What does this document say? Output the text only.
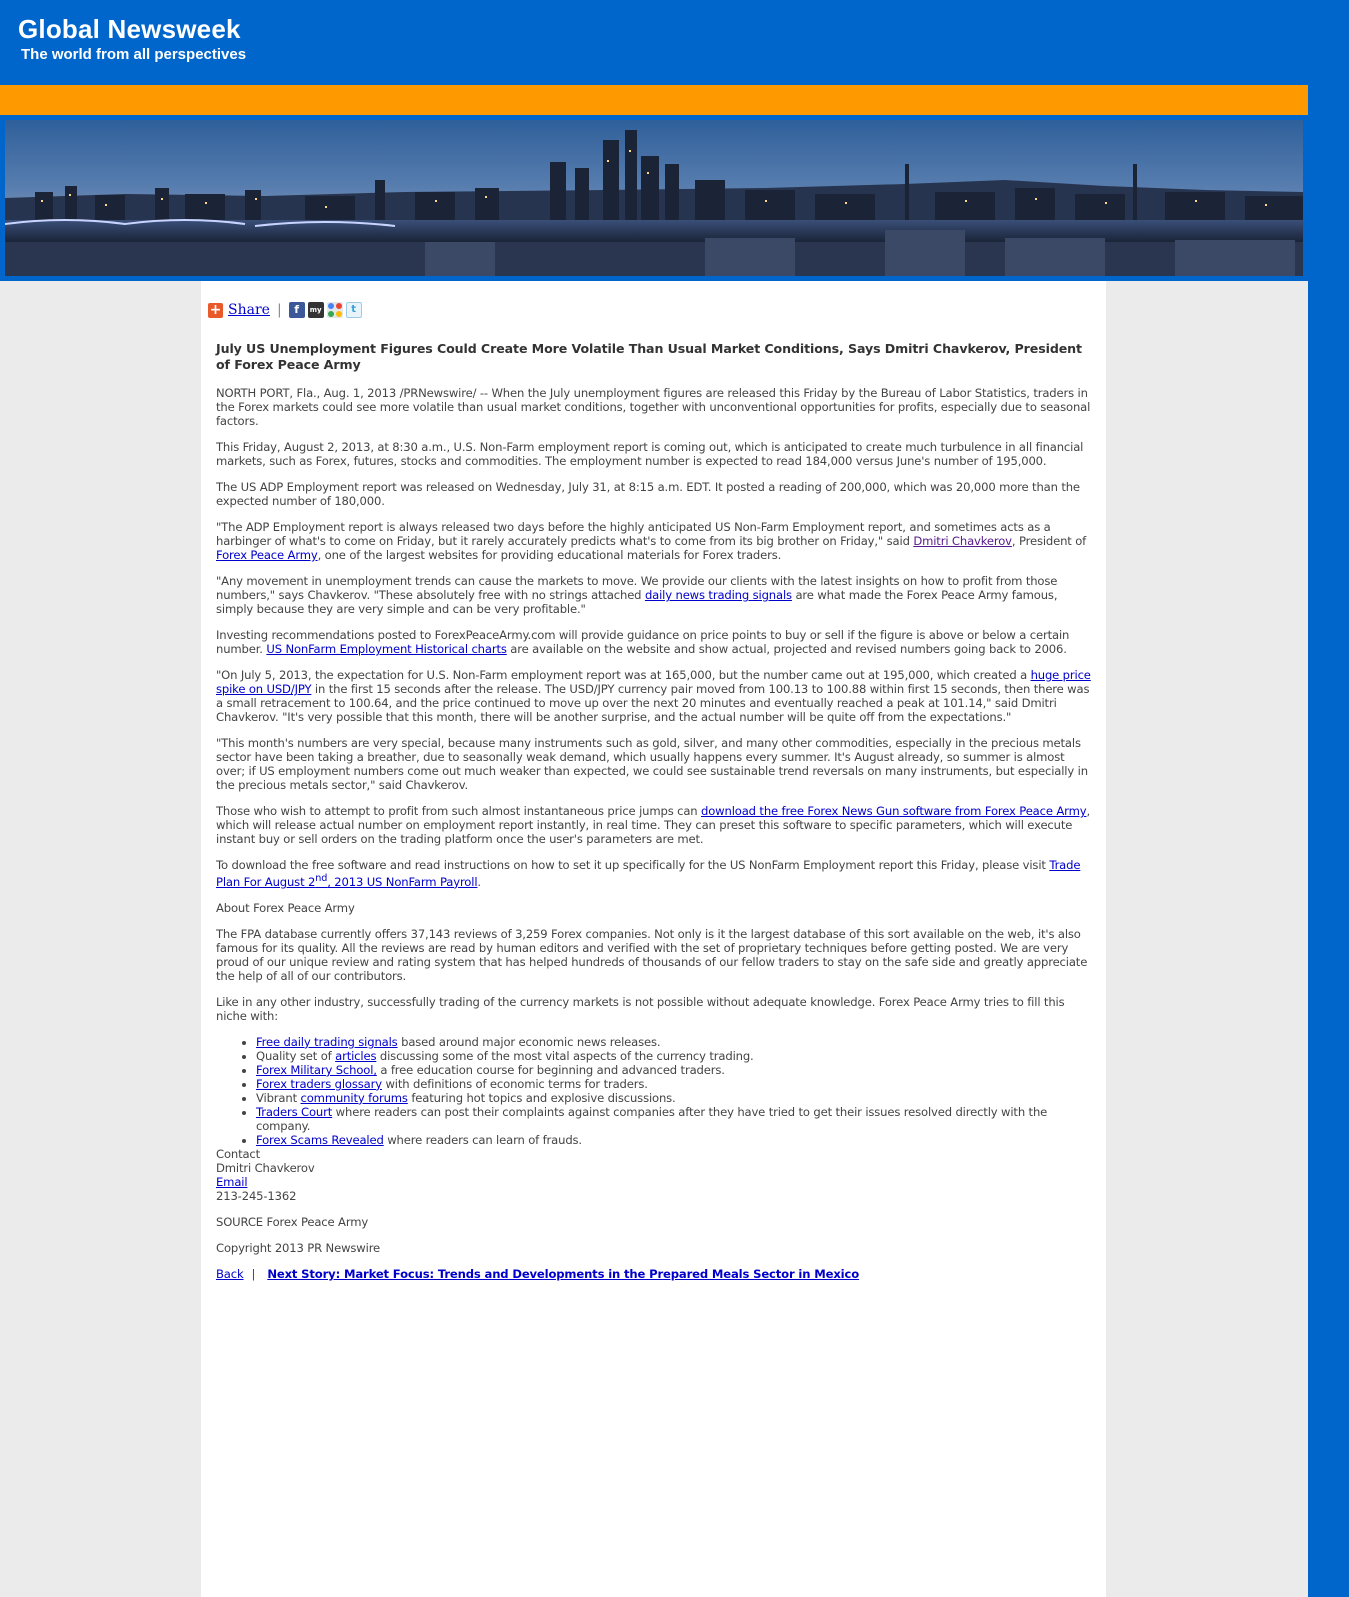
Global Newsweek
The world from all perspectives
+ Share |	f	my	t
July US Unemployment Figures Could Create More Volatile Than Usual Market Conditions, Says Dmitri Chavkerov, President of Forex Peace Army

NORTH PORT, Fla., Aug. 1, 2013 /PRNewswire/ -- When the July unemployment figures are released this Friday by the Bureau of Labor Statistics, traders in the Forex markets could see more volatile than usual market conditions, together with unconventional opportunities for profits, especially due to seasonal factors.

This Friday, August 2, 2013, at 8:30 a.m., U.S. Non-Farm employment report is coming out, which is anticipated to create much turbulence in all financial markets, such as Forex, futures, stocks and commodities. The employment number is expected to read 184,000 versus June's number of 195,000.

The US ADP Employment report was released on Wednesday, July 31, at 8:15 a.m. EDT. It posted a reading of 200,000, which was 20,000 more than the expected number of 180,000.

"The ADP Employment report is always released two days before the highly anticipated US Non-Farm Employment report, and sometimes acts as a harbinger of what's to come on Friday, but it rarely accurately predicts what's to come from its big brother on Friday," said Dmitri Chavkerov, President of Forex Peace Army, one of the largest websites for providing educational materials for Forex traders.

"Any movement in unemployment trends can cause the markets to move. We provide our clients with the latest insights on how to profit from those numbers," says Chavkerov. "These absolutely free with no strings attached daily news trading signals are what made the Forex Peace Army famous, simply because they are very simple and can be very profitable."

Investing recommendations posted to ForexPeaceArmy.com will provide guidance on price points to buy or sell if the figure is above or below a certain number. US NonFarm Employment Historical charts are available on the website and show actual, projected and revised numbers going back to 2006.

"On July 5, 2013, the expectation for U.S. Non-Farm employment report was at 165,000, but the number came out at 195,000, which created a huge price spike on USD/JPY in the first 15 seconds after the release. The USD/JPY currency pair moved from 100.13 to 100.88 within first 15 seconds, then there was a small retracement to 100.64, and the price continued to move up over the next 20 minutes and eventually reached a peak at 101.14," said Dmitri Chavkerov. "It's very possible that this month, there will be another surprise, and the actual number will be quite off from the expectations."

"This month's numbers are very special, because many instruments such as gold, silver, and many other commodities, especially in the precious metals sector have been taking a breather, due to seasonally weak demand, which usually happens every summer. It's August already, so summer is almost over; if US employment numbers come out much weaker than expected, we could see sustainable trend reversals on many instruments, but especially in the precious metals sector," said Chavkerov.

Those who wish to attempt to profit from such almost instantaneous price jumps can download the free Forex News Gun software from Forex Peace Army, which will release actual number on employment report instantly, in real time. They can preset this software to specific parameters, which will execute instant buy or sell orders on the trading platform once the user's parameters are met.

To download the free software and read instructions on how to set it up specifically for the US NonFarm Employment report this Friday, please visit Trade Plan For August 2nd, 2013 US NonFarm Payroll.

About Forex Peace Army

The FPA database currently offers 37,143 reviews of 3,259 Forex companies. Not only is it the largest database of this sort available on the web, it's also famous for its quality. All the reviews are read by human editors and verified with the set of proprietary techniques before getting posted. We are very proud of our unique review and rating system that has helped hundreds of thousands of our fellow traders to stay on the safe side and greatly appreciate the help of all of our contributors.

Like in any other industry, successfully trading of the currency markets is not possible without adequate knowledge. Forex Peace Army tries to fill this niche with:

• Free daily trading signals based around major economic news releases.
• Quality set of articles discussing some of the most vital aspects of the currency trading.
• Forex Military School, a free education course for beginning and advanced traders.
• Forex traders glossary with definitions of economic terms for traders.
• Vibrant community forums featuring hot topics and explosive discussions.
• Traders Court where readers can post their complaints against companies after they have tried to get their issues resolved directly with the company.
• Forex Scams Revealed where readers can learn of frauds.

Contact
Dmitri Chavkerov
Email
213-245-1362

SOURCE Forex Peace Army

Copyright 2013 PR Newswire

Back | Next Story: Market Focus: Trends and Developments in the Prepared Meals Sector in Mexico
